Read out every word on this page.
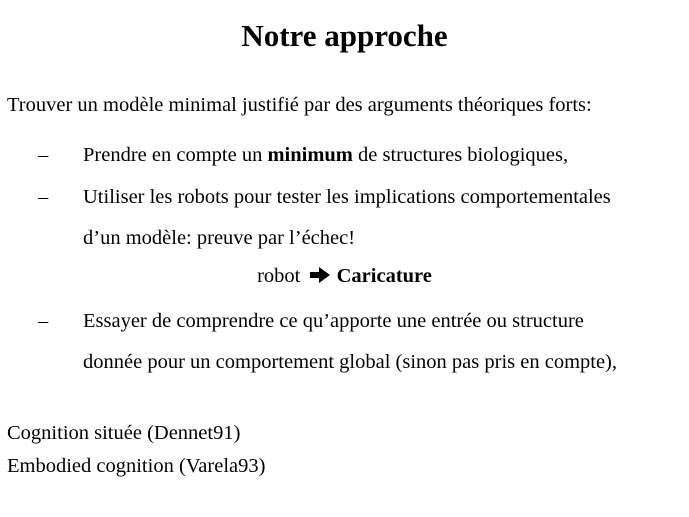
Notre approche
Trouver un modèle minimal justifié par des arguments théoriques forts:
– Prendre en compte un minimum de structures biologiques,
– Utiliser les robots pour tester les implications comportementales
d’un modèle: preuve par l’échec!
robot Caricature
– Essayer de comprendre ce qu’apporte une entrée ou structure
donnée pour un comportement global (sinon pas pris en compte),
Cognition située (Dennet91)
Embodied cognition (Varela93)
